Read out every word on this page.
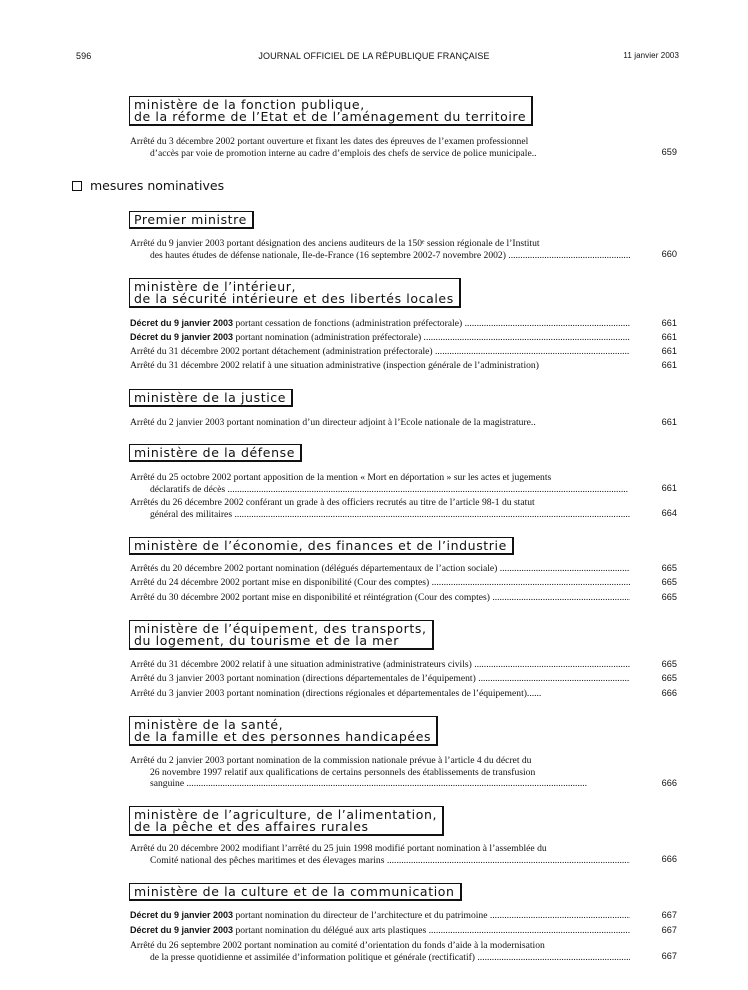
596	JOURNAL OFFICIEL DE LA RÉPUBLIQUE FRANÇAISE	11 janvier 2003
ministère de la fonction publique,
de la réforme de l’Etat et de l’aménagement du territoire
Arrêté du 3 décembre 2002 portant ouverture et fixant les dates des épreuves de l’examen professionnel
d’accès par voie de promotion interne au cadre d’emplois des chefs de service de police municipale..	659
mesures nominatives
Premier ministre
Arrêté du 9 janvier 2003 portant désignation des anciens auditeurs de la 150ᵉ session régionale de l’Institut
des hautes études de défense nationale, Ile-de-France (16 septembre 2002-7 novembre 2002) .....	660
ministère de l’intérieur,
de la sécurité intérieure et des libertés locales
Décret du 9 janvier 2003 portant cessation de fonctions (administration préfectorale) .....	661
Décret du 9 janvier 2003 portant nomination (administration préfectorale) .....	661
Arrêté du 31 décembre 2002 portant détachement (administration préfectorale) .....	661
Arrêté du 31 décembre 2002 relatif à une situation administrative (inspection générale de l’administration)	661
ministère de la justice
Arrêté du 2 janvier 2003 portant nomination d’un directeur adjoint à l’Ecole nationale de la magistrature..	661
ministère de la défense
Arrêté du 25 octobre 2002 portant apposition de la mention « Mort en déportation » sur les actes et jugements
déclaratifs de décès .....	661
Arrêtés du 26 décembre 2002 conférant un grade à des officiers recrutés au titre de l’article 98-1 du statut
général des militaires .....	664
ministère de l’économie, des finances et de l’industrie
Arrêtés du 20 décembre 2002 portant nomination (délégués départementaux de l’action sociale) .....	665
Arrêté du 24 décembre 2002 portant mise en disponibilité (Cour des comptes) .....	665
Arrêté du 30 décembre 2002 portant mise en disponibilité et réintégration (Cour des comptes) .....	665
ministère de l’équipement, des transports,
du logement, du tourisme et de la mer
Arrêté du 31 décembre 2002 relatif à une situation administrative (administrateurs civils) .....	665
Arrêté du 3 janvier 2003 portant nomination (directions départementales de l’équipement) .....	665
Arrêté du 3 janvier 2003 portant nomination (directions régionales et départementales de l’équipement)......	666
ministère de la santé,
de la famille et des personnes handicapées
Arrêté du 2 janvier 2003 portant nomination de la commission nationale prévue à l’article 4 du décret du
26 novembre 1997 relatif aux qualifications de certains personnels des établissements de transfusion
sanguine .....	666
ministère de l’agriculture, de l’alimentation,
de la pêche et des affaires rurales
Arrêté du 20 décembre 2002 modifiant l’arrêté du 25 juin 1998 modifié portant nomination à l’assemblée du
Comité national des pêches maritimes et des élevages marins .....	666
ministère de la culture et de la communication
Décret du 9 janvier 2003 portant nomination du directeur de l’architecture et du patrimoine .....	667
Décret du 9 janvier 2003 portant nomination du délégué aux arts plastiques .....	667
Arrêté du 26 septembre 2002 portant nomination au comité d’orientation du fonds d’aide à la modernisation
de la presse quotidienne et assimilée d’information politique et générale (rectificatif) .....	667
